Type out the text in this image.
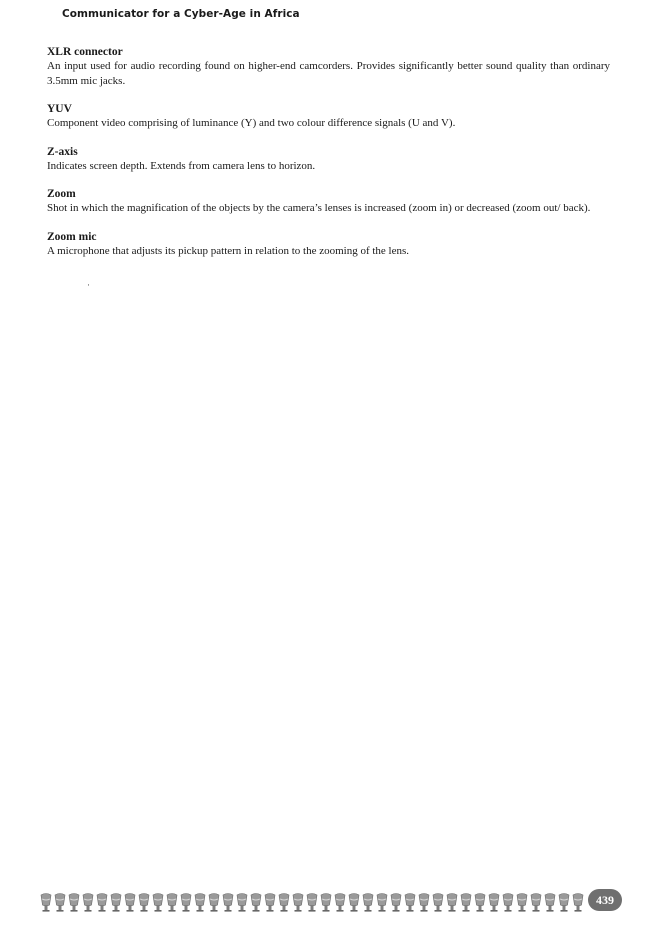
Communicator for a Cyber-Age in Africa
XLR connector
An input used for audio recording found on higher-end camcorders. Provides significantly better sound quality than ordinary 3.5mm mic jacks.
YUV
Component video comprising of luminance (Y) and two colour difference signals (U and V).
Z-axis
Indicates screen depth. Extends from camera lens to horizon.
Zoom
Shot in which the magnification of the objects by the camera’s lenses is increased (zoom in) or decreased (zoom out/ back).
Zoom mic
A microphone that adjusts its pickup pattern in relation to the zooming of the lens.
·
439
